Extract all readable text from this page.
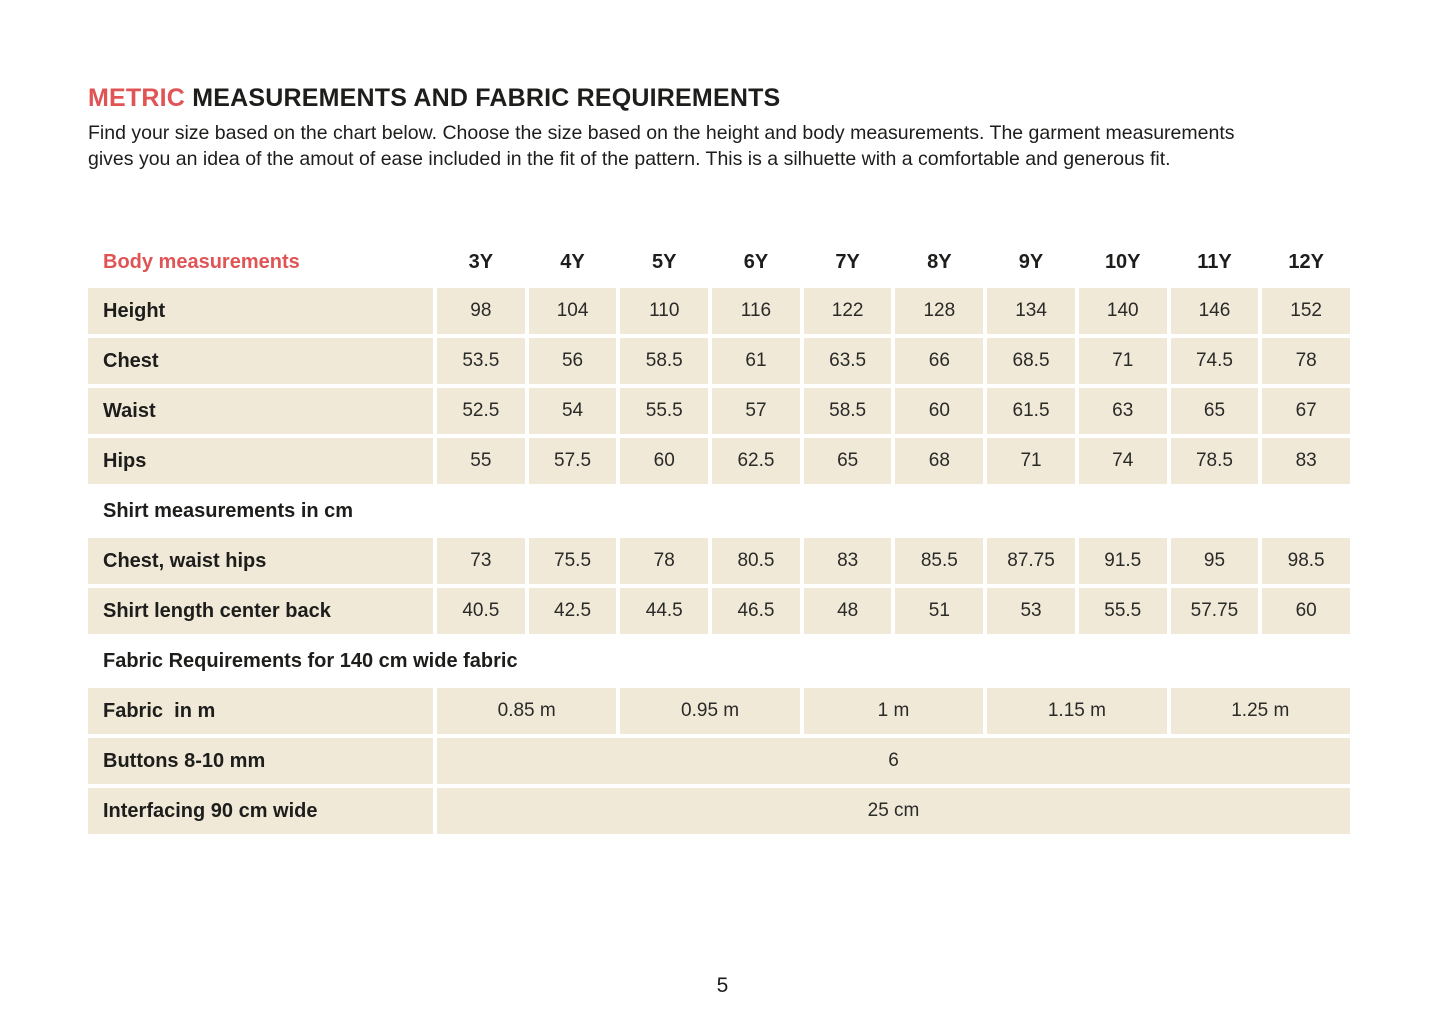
METRIC MEASUREMENTS AND FABRIC REQUIREMENTS
Find your size based on the chart below. Choose the size based on the height and body measurements. The garment measurements
gives you an idea of the amout of ease included in the fit of the pattern. This is a silhuette with a comfortable and generous fit.
Body measurements	3Y	4Y	5Y	6Y	7Y	8Y	9Y	10Y	11Y	12Y
Height	98	104	110	116	122	128	134	140	146	152
Chest	53.5	56	58.5	61	63.5	66	68.5	71	74.5	78
Waist	52.5	54	55.5	57	58.5	60	61.5	63	65	67
Hips	55	57.5	60	62.5	65	68	71	74	78.5	83
Shirt measurements in cm
Chest, waist hips	73	75.5	78	80.5	83	85.5	87.75	91.5	95	98.5
Shirt length center back	40.5	42.5	44.5	46.5	48	51	53	55.5	57.75	60
Fabric Requirements for 140 cm wide fabric
Fabric  in m	0.85 m	0.95 m	1 m	1.15 m	1.25 m
Buttons 8-10 mm	6
Interfacing 90 cm wide	25 cm
5
